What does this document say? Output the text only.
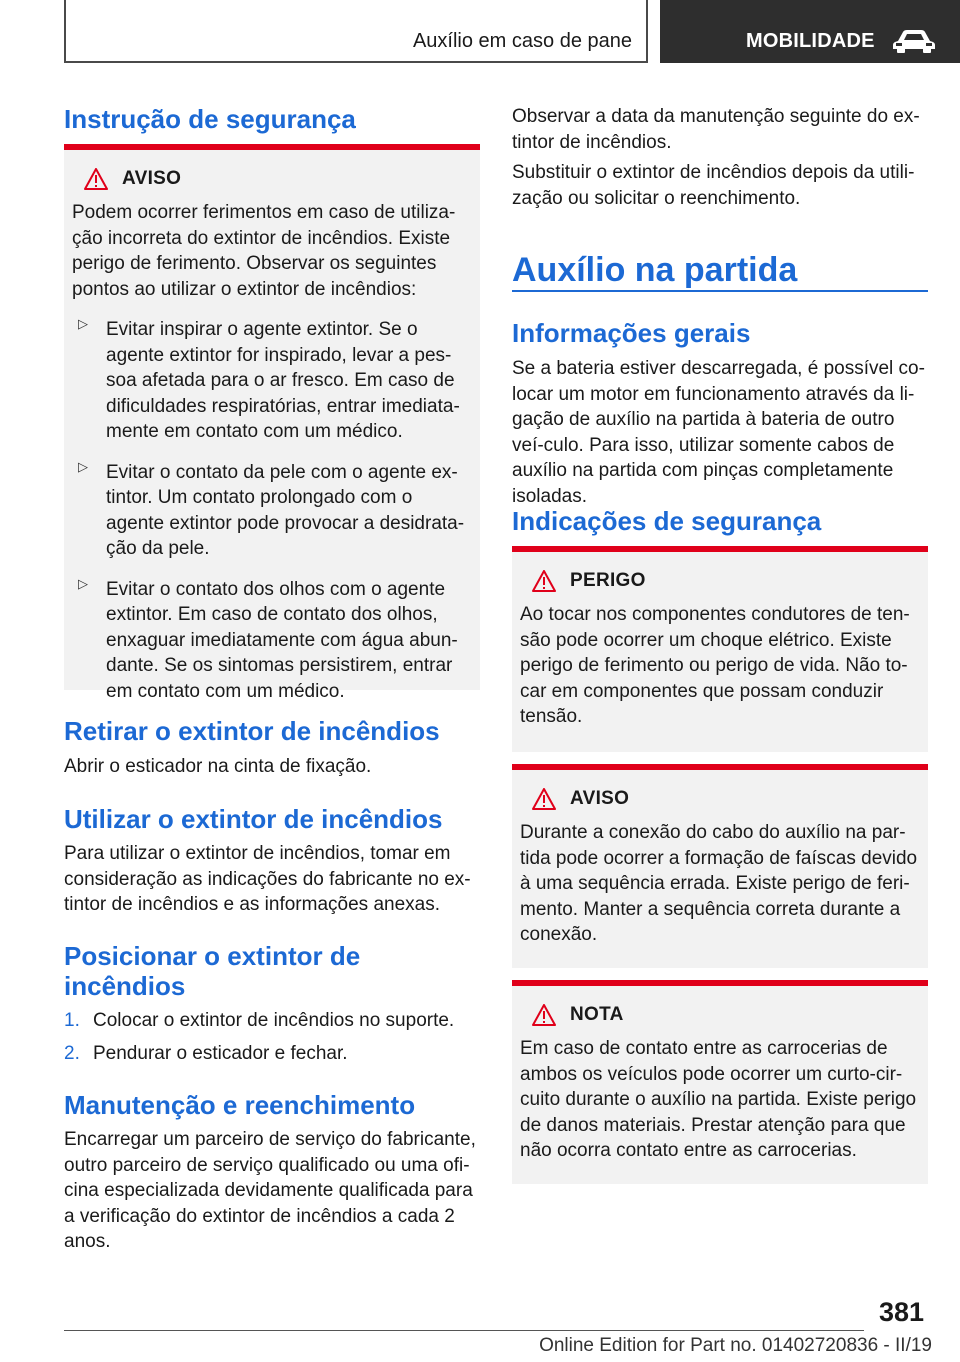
Auxílio em caso de pane	MOBILIDADE
Instrução de segurança
AVISO

Podem ocorrer ferimentos em caso de utiliza-ção incorreta do extintor de incêndios. Existe perigo de ferimento. Observar os seguintes pontos ao utilizar o extintor de incêndios:

▷ Evitar inspirar o agente extintor. Se o agente extintor for inspirado, levar a pes-soa afetada para o ar fresco. Em caso de dificuldades respiratórias, entrar imediata-mente em contato com um médico.
▷ Evitar o contato da pele com o agente ex-tintor. Um contato prolongado com o agente extintor pode provocar a desidrata-ção da pele.
▷ Evitar o contato dos olhos com o agente extintor. Em caso de contato dos olhos, enxaguar imediatamente com água abun-dante. Se os sintomas persistirem, entrar em contato com um médico.
Retirar o extintor de incêndios

Abrir o esticador na cinta de fixação.

Utilizar o extintor de incêndios

Para utilizar o extintor de incêndios, tomar em consideração as indicações do fabricante no ex-tintor de incêndios e as informações anexas.

Posicionar o extintor de incêndios
1. Colocar o extintor de incêndios no suporte.
2. Pendurar o esticador e fechar.
Manutenção e reenchimento

Encarregar um parceiro de serviço do fabricante, outro parceiro de serviço qualificado ou uma ofi-cina especializada devidamente qualificada para a verificação do extintor de incêndios a cada 2 anos.

Observar a data da manutenção seguinte do ex-tintor de incêndios.

Substituir o extintor de incêndios depois da utili-zação ou solicitar o reenchimento.

Auxílio na partida
Informações gerais

Se a bateria estiver descarregada, é possível co-locar um motor em funcionamento através da li-gação de auxílio na partida à bateria de outro veí-culo. Para isso, utilizar somente cabos de auxílio na partida com pinças completamente isoladas.

Indicações de segurança
PERIGO

Ao tocar nos componentes condutores de ten-são pode ocorrer um choque elétrico. Existe perigo de ferimento ou perigo de vida. Não to-car em componentes que possam conduzir tensão.

AVISO

Durante a conexão do cabo do auxílio na par-tida pode ocorrer a formação de faíscas devido à uma sequência errada. Existe perigo de feri-mento. Manter a sequência correta durante a conexão.

NOTA

Em caso de contato entre as carrocerias de ambos os veículos pode ocorrer um curto-cir-cuito durante o auxílio na partida. Existe perigo de danos materiais. Prestar atenção para que não ocorra contato entre as carrocerias.

381
Online Edition for Part no. 01402720836 - II/19
